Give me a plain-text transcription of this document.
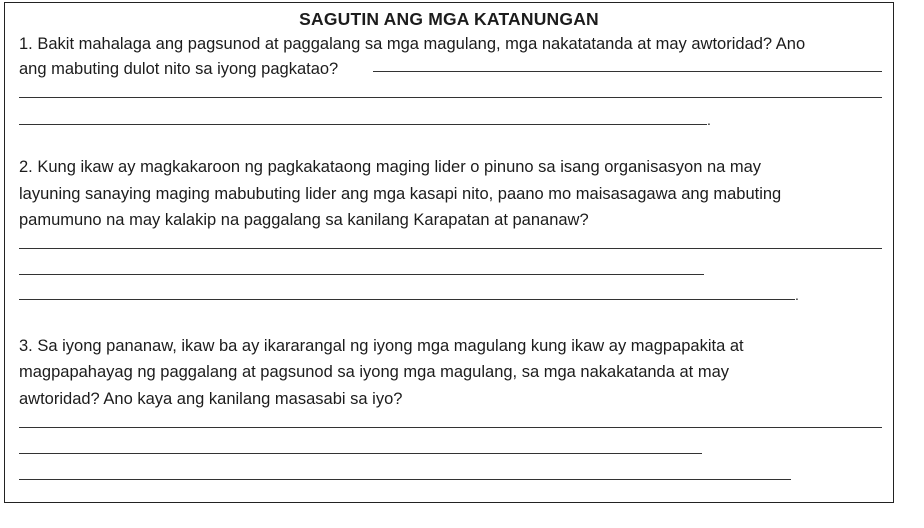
SAGUTIN ANG MGA KATANUNGAN
1. Bakit mahalaga ang pagsunod at paggalang sa mga magulang, mga nakatatanda at may awtoridad? Ano
ang mabuting dulot nito sa iyong pagkatao?
.
2. Kung ikaw ay magkakaroon ng pagkakataong maging lider o pinuno sa isang organisasyon na may
layuning sanaying maging mabubuting lider ang mga kasapi nito, paano mo maisasagawa ang mabuting
pamumuno na may kalakip na paggalang sa kanilang Karapatan at pananaw?
.
3. Sa iyong pananaw, ikaw ba ay ikararangal ng iyong mga magulang kung ikaw ay magpapakita at
magpapahayag ng paggalang at pagsunod sa iyong mga magulang, sa mga nakakatanda at may
awtoridad? Ano kaya ang kanilang masasabi sa iyo?
